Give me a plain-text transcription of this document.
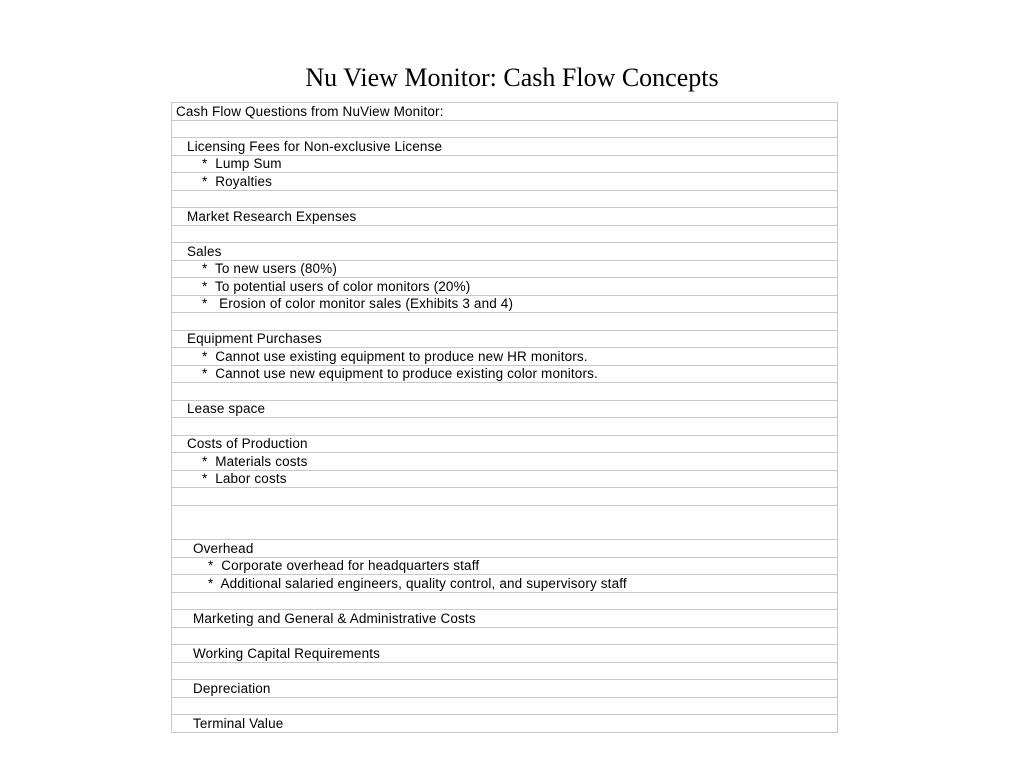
Nu View Monitor: Cash Flow Concepts
Cash Flow Questions from NuView Monitor:
Licensing Fees for Non-exclusive License
*  Lump Sum
*  Royalties
Market Research Expenses
Sales
*  To new users (80%)
*  To potential users of color monitors (20%)
*   Erosion of color monitor sales (Exhibits 3 and 4)
Equipment Purchases
*  Cannot use existing equipment to produce new HR monitors.
*  Cannot use new equipment to produce existing color monitors.
Lease space
Costs of Production
*  Materials costs
*  Labor costs
Overhead
*  Corporate overhead for headquarters staff
*  Additional salaried engineers, quality control, and supervisory staff
Marketing and General & Administrative Costs
Working Capital Requirements
Depreciation
Terminal Value
